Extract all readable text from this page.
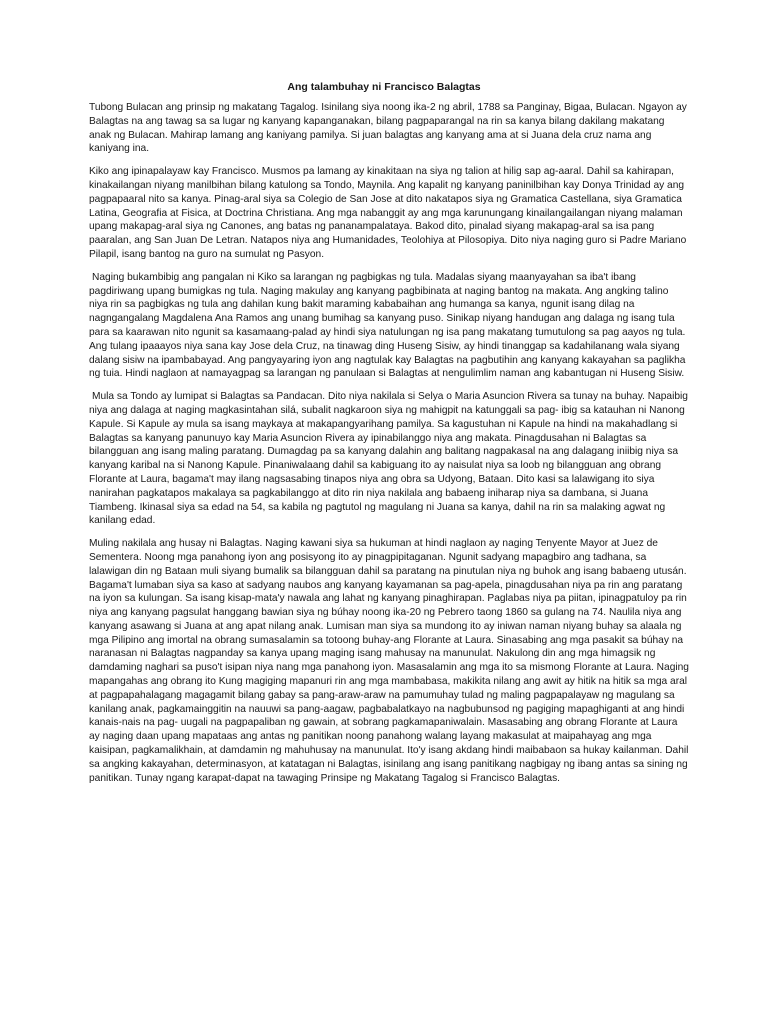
Ang talambuhay ni Francisco Balagtas

Tubong Bulacan ang prinsip ng makatang Tagalog. Isinilang siya noong ika-2 ng abril, 1788 sa Panginay, Bigaa, Bulacan. Ngayon ay Balagtas na ang tawag sa sa lugar ng kanyang kapanganakan, bilang pagpaparangal na rin sa kanya bilang dakilang makatang anak ng Bulacan. Mahirap lamang ang kaniyang pamilya. Si juan balagtas ang kanyang ama at si Juana dela cruz nama ang kaniyang ina.

Kiko ang ipinapalayaw kay Francisco. Musmos pa lamang ay kinakitaan na siya ng talion at hilig sap ag-aaral. Dahil sa kahirapan, kinakailangan niyang manilbihan bilang katulong sa Tondo, Maynila. Ang kapalit ng kanyang paninilbihan kay Donya Trinidad ay ang pagpapaaral nito sa kanya. Pinag-aral siya sa Colegio de San Jose at dito nakatapos siya ng Gramatica Castellana, siya Gramatica Latina, Geografia at Fisica, at Doctrina Christiana. Ang mga nabanggit ay ang mga karunungang kinailangailangan niyang malaman upang makapag-aral siya ng Canones, ang batas ng pananampalataya. Bakod dito, pinalad siyang makapag-aral sa isa pang paaralan, ang San Juan De Letran. Natapos niya ang Humanidades, Teolohiya at Pilosopiya. Dito niya naging guro si Padre Mariano Pilapil, isang bantog na guro na sumulat ng Pasyon.

Naging bukambibig ang pangalan ni Kiko sa larangan ng pagbigkas ng tula. Madalas siyang maanyayahan sa iba't ibang pagdiriwang upang bumigkas ng tula. Naging makulay ang kanyang pagbibinata at naging bantog na makata. Ang angking talino niya rin sa pagbigkas ng tula ang dahilan kung bakit maraming kababaihan ang humanga sa kanya, ngunit isang dilag na nagngangalang Magdalena Ana Ramos ang unang bumihag sa kanyang puso. Sinikap niyang handugan ang dalaga ng isang tula para sa kaarawan nito ngunit sa kasamaang-palad ay hindi siya natulungan ng isa pang makatang tumutulong sa pag aayos ng tula. Ang tulang ipaaayos niya sana kay Jose dela Cruz, na tinawag ding Huseng Sisiw, ay hindi tinanggap sa kadahilanang wala siyang dalang sisiw na ipambabayad. Ang pangyayaring iyon ang nagtulak kay Balagtas na pagbutihin ang kanyang kakayahan sa paglikha ng tuia. Hindi naglaon at namayagpag sa larangan ng panulaan si Balagtas at nengulimlim naman ang kabantugan ni Huseng Sisiw.

Mula sa Tondo ay lumipat si Balagtas sa Pandacan. Dito niya nakilala si Selya o Maria Asuncion Rivera sa tunay na buhay. Napaibig niya ang dalaga at naging magkasintahan silá, subalit nagkaroon siya ng mahigpit na katunggali sa pag- ibig sa katauhan ni Nanong Kapule. Si Kapule ay mula sa isang maykaya at makapangyarihang pamilya. Sa kagustuhan ni Kapule na hindi na makahadlang si Balagtas sa kanyang panunuyo kay Maria Asuncion Rivera ay ipinabilanggo niya ang makata. Pinagdusahan ni Balagtas sa bilangguan ang isang maling paratang. Dumagdag pa sa kanyang dalahin ang balitang nagpakasal na ang dalagang iniibig niya sa kanyang karibal na si Nanong Kapule. Pinaniwalaang dahil sa kabiguang ito ay naisulat niya sa loob ng bilangguan ang obrang Florante at Laura, bagama't may ilang nagsasabing tinapos niya ang obra sa Udyong, Bataan. Dito kasi sa lalawigang ito siya nanirahan pagkatapos makalaya sa pagkabilanggo at dito rin niya nakilala ang babaeng iniharap niya sa dambana, si Juana Tiambeng. Ikinasal siya sa edad na 54, sa kabila ng pagtutol ng magulang ni Juana sa kanya, dahil na rin sa malaking agwat ng kanilang edad.

Muling nakilala ang husay ni Balagtas. Naging kawani siya sa hukuman at hindi naglaon ay naging Tenyente Mayor at Juez de Sementera. Noong mga panahong iyon ang posisyong ito ay pinagpipitaganan. Ngunit sadyang mapagbiro ang tadhana, sa lalawigan din ng Bataan muli siyang bumalik sa bilangguan dahil sa paratang na pinutulan niya ng buhok ang isang babaeng utusán. Bagama't lumaban siya sa kaso at sadyang naubos ang kanyang kayamanan sa pag-apela, pinagdusahan niya pa rin ang paratang na iyon sa kulungan. Sa isang kisap-mata'y nawala ang lahat ng kanyang pinaghirapan. Paglabas niya pa piitan, ipinagpatuloy pa rin niya ang kanyang pagsulat hanggang bawian siya ng búhay noong ika-20 ng Pebrero taong 1860 sa gulang na 74. Naulila niya ang kanyang asawang si Juana at ang apat nilang anak. Lumisan man siya sa mundong ito ay iniwan naman niyang buhay sa alaala ng mga Pilipino ang imortal na obrang sumasalamin sa totoong buhay-ang Florante at Laura. Sinasabing ang mga pasakit sa búhay na naranasan ni Balagtas nagpanday sa kanya upang maging isang mahusay na manunulat. Nakulong din ang mga himagsik ng damdaming naghari sa puso't isipan niya nang mga panahong iyon. Masasalamin ang mga ito sa mismong Florante at Laura. Naging mapangahas ang obrang ito Kung magiging mapanuri rin ang mga mambabasa, makikita nilang ang awit ay hitik na hitik sa mga aral at pagpapahalagang magagamit bilang gabay sa pang-araw-araw na pamumuhay tulad ng maling pagpapalayaw ng magulang sa kanilang anak, pagkamainggitin na nauuwi sa pang-aagaw, pagbabalatkayo na nagbubunsod ng pagiging mapaghiganti at ang hindi kanais-nais na pag- uugali na pagpapaliban ng gawain, at sobrang pagkamapaniwalain. Masasabing ang obrang Florante at Laura ay naging daan upang mapataas ang antas ng panitikan noong panahong walang layang makasulat at maipahayag ang mga kaisipan, pagkamalikhain, at damdamin ng mahuhusay na manunulat. Ito'y isang akdang hindi maibabaon sa hukay kailanman. Dahil sa angking kakayahan, determinasyon, at katatagan ni Balagtas, isinilang ang isang panitikang nagbigay ng ibang antas sa sining ng panitikan. Tunay ngang karapat-dapat na tawaging Prinsipe ng Makatang Tagalog si Francisco Balagtas.
